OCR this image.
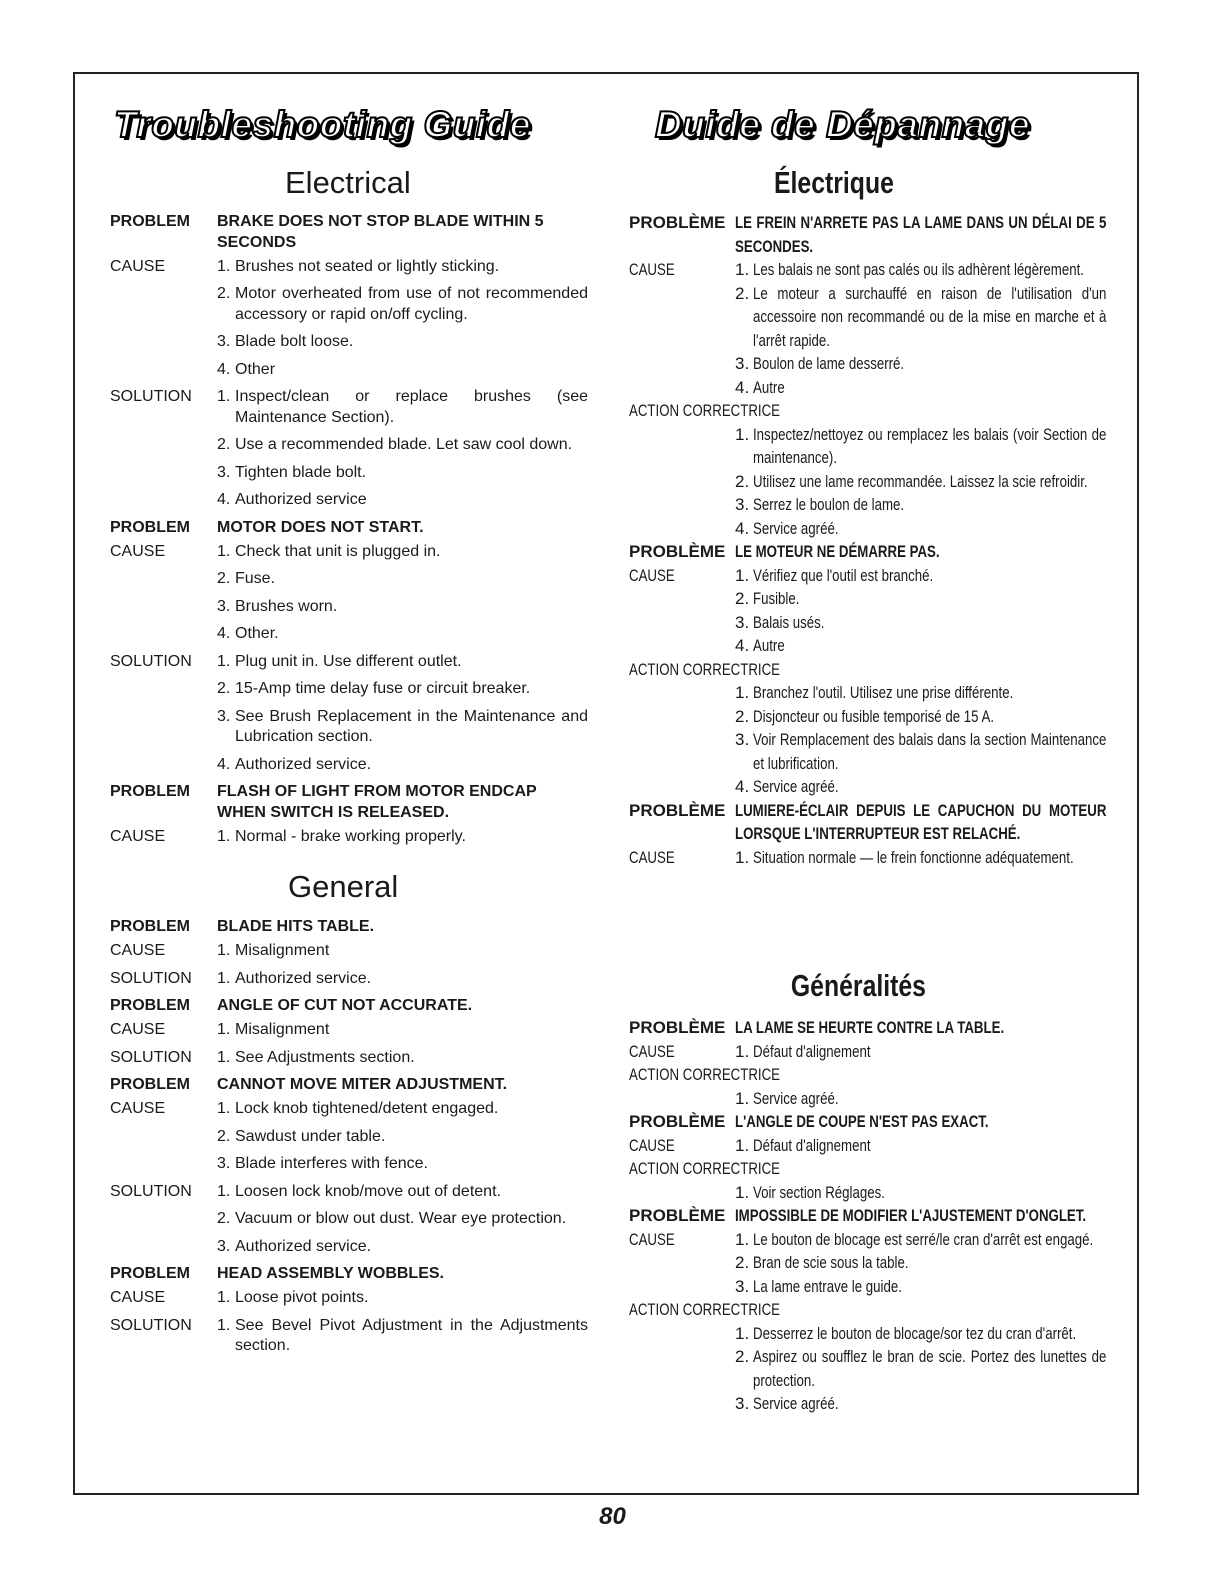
Troubleshooting Guide
Electrical
PROBLEM	BRAKE DOES NOT STOP BLADE WITHIN 5 SECONDS
CAUSE	1. Brushes not seated or lightly sticking.
2. Motor overheated from use of not recommended accessory or rapid on/off cycling.
3. Blade bolt loose.
4. Other
SOLUTION	1. Inspect/clean or replace brushes (see Maintenance Section).
2. Use a recommended blade. Let saw cool down.
3. Tighten blade bolt.
4. Authorized service
PROBLEM	MOTOR DOES NOT START.
CAUSE	1. Check that unit is plugged in.
2. Fuse.
3. Brushes worn.
4. Other.
SOLUTION	1. Plug unit in. Use different outlet.
2. 15-Amp time delay fuse or circuit breaker.
3. See Brush Replacement in the Maintenance and Lubrication section.
4. Authorized service.
PROBLEM	FLASH OF LIGHT FROM MOTOR ENDCAP WHEN SWITCH IS RELEASED.
CAUSE	1. Normal - brake working properly.
General
PROBLEM	BLADE HITS TABLE.
CAUSE	1. Misalignment
SOLUTION	1. Authorized service.
PROBLEM	ANGLE OF CUT NOT ACCURATE.
CAUSE	1. Misalignment
SOLUTION	1. See Adjustments section.
PROBLEM	CANNOT MOVE MITER ADJUSTMENT.
CAUSE	1. Lock knob tightened/detent engaged.
2. Sawdust under table.
3. Blade interferes with fence.
SOLUTION	1. Loosen lock knob/move out of detent.
2. Vacuum or blow out dust. Wear eye protection.
3. Authorized service.
PROBLEM	HEAD ASSEMBLY WOBBLES.
CAUSE	1. Loose pivot points.
SOLUTION	1. See Bevel Pivot Adjustment in the Adjustments section.
Duide de Dépannage
Électrique
PROBLÈME LE FREIN N'ARRETE PAS LA LAME DANS UN DÉLAI DE 5 SECONDES.
CAUSE	1. Les balais ne sont pas calés ou ils adhèrent légèrement.
2. Le moteur a surchauffé en raison de l'utilisation d'un accessoire non recommandé ou de la mise en marche et à l'arrêt rapide.
3. Boulon de lame desserré.
4. Autre
ACTION CORRECTRICE
1. Inspectez/nettoyez ou remplacez les balais (voir Section de maintenance).
2. Utilisez une lame recommandée. Laissez la scie refroidir.
3. Serrez le boulon de lame.
4. Service agréé.
PROBLÈME LE MOTEUR NE DÉMARRE PAS.
CAUSE	1. Vérifiez que l'outil est branché.
2. Fusible.
3. Balais usés.
4. Autre
ACTION CORRECTRICE
1. Branchez l'outil. Utilisez une prise différente.
2. Disjoncteur ou fusible temporisé de 15 A.
3. Voir Remplacement des balais dans la section Maintenance et lubrification.
4. Service agréé.
PROBLÈME LUMIERE-ÉCLAIR DEPUIS LE CAPUCHON DU MOTEUR LORSQUE L'INTERRUPTEUR EST RELACHÉ.
CAUSE	1. Situation normale — le frein fonctionne adéquatement.
Généralités
PROBLÈME LA LAME SE HEURTE CONTRE LA TABLE.
CAUSE	1. Défaut d'alignement
ACTION CORRECTRICE
1. Service agréé.
PROBLÈME L'ANGLE DE COUPE N'EST PAS EXACT.
CAUSE	1. Défaut d'alignement
ACTION CORRECTRICE
1. Voir section Réglages.
PROBLÈME IMPOSSIBLE DE MODIFIER L'AJUSTEMENT D'ONGLET.
CAUSE	1. Le bouton de blocage est serré/le cran d'arrêt est engagé.
2. Bran de scie sous la table.
3. La lame entrave le guide.
ACTION CORRECTRICE
1. Desserrez le bouton de blocage/sor tez du cran d'arrêt.
2. Aspirez ou soufflez le bran de scie. Portez des lunettes de protection.
3. Service agréé.
80
